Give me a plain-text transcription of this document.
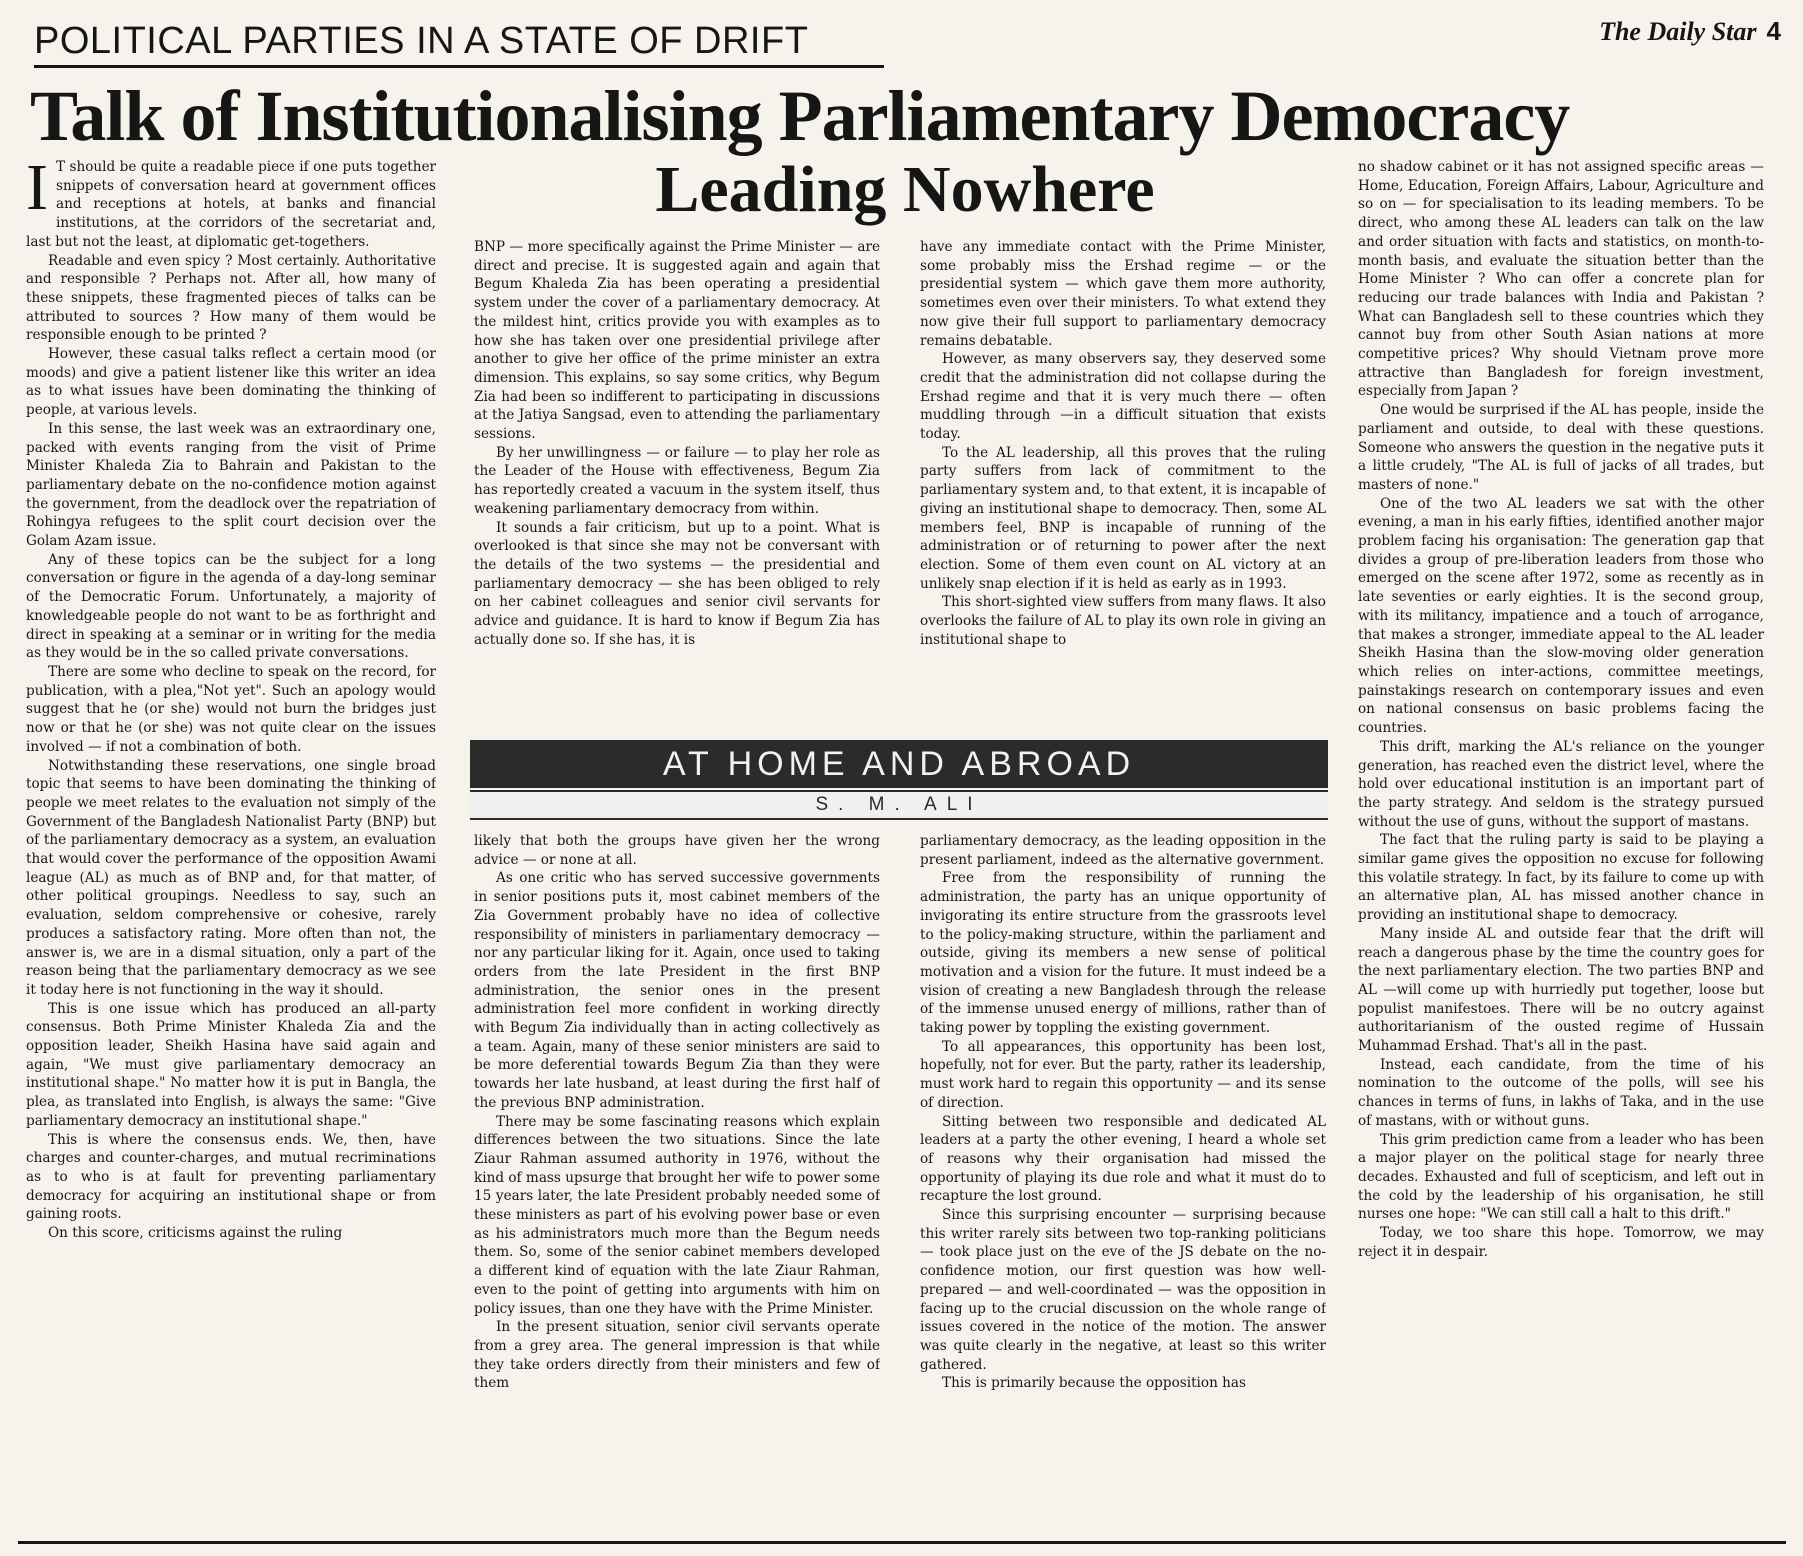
The Daily Star 4
POLITICAL PARTIES IN A STATE OF DRIFT
Talk of Institutionalising Parliamentary Democracy
Leading Nowhere

I T should be quite a readable piece if one puts together snippets of conversation heard at government offices and receptions at hotels, at banks and financial institutions, at the corridors of the secretariat and, last but not the least, at diplomatic get-togethers.

Readable and even spicy ? Most certainly. Authoritative and responsible ? Perhaps not. After all, how many of these snippets, these fragmented pieces of talks can be attributed to sources ? How many of them would be responsible enough to be printed ?

However, these casual talks reflect a certain mood (or moods) and give a patient listener like this writer an idea as to what issues have been dominating the thinking of people, at various levels.

In this sense, the last week was an extraordinary one, packed with events ranging from the visit of Prime Minister Khaleda Zia to Bahrain and Pakistan to the parliamentary debate on the no-confidence motion against the government, from the deadlock over the repatriation of Rohingya refugees to the split court decision over the Golam Azam issue.

Any of these topics can be the subject for a long conversation or figure in the agenda of a day-long seminar of the Democratic Forum. Unfortunately, a majority of knowledgeable people do not want to be as forthright and direct in speaking at a seminar or in writing for the media as they would be in the so called private conversations.

There are some who decline to speak on the record, for publication, with a plea,"Not yet". Such an apology would suggest that he (or she) would not burn the bridges just now or that he (or she) was not quite clear on the issues involved — if not a combination of both.

Notwithstanding these reservations, one single broad topic that seems to have been dominating the thinking of people we meet relates to the evaluation not simply of the Government of the Bangladesh Nationalist Party (BNP) but of the parliamentary democracy as a system, an evaluation that would cover the performance of the opposition Awami league (AL) as much as of BNP and, for that matter, of other political groupings. Needless to say, such an evaluation, seldom comprehensive or cohesive, rarely produces a satisfactory rating. More often than not, the answer is, we are in a dismal situation, only a part of the reason being that the parliamentary democracy as we see it today here is not functioning in the way it should.

This is one issue which has produced an all-party consensus. Both Prime Minister Khaleda Zia and the opposition leader, Sheikh Hasina have said again and again, "We must give parliamentary democracy an institutional shape." No matter how it is put in Bangla, the plea, as translated into English, is always the same: "Give parliamentary democracy an institutional shape."

This is where the consensus ends. We, then, have charges and counter-charges, and mutual recriminations as to who is at fault for preventing parliamentary democracy for acquiring an institutional shape or from gaining roots.

On this score, criticisms against the ruling

BNP — more specifically against the Prime Minister — are direct and precise. It is suggested again and again that Begum Khaleda Zia has been operating a presidential system under the cover of a parliamentary democracy. At the mildest hint, critics provide you with examples as to how she has taken over one presidential privilege after another to give her office of the prime minister an extra dimension. This explains, so say some critics, why Begum Zia had been so indifferent to participating in discussions at the Jatiya Sangsad, even to attending the parliamentary sessions.

By her unwillingness — or failure — to play her role as the Leader of the House with effectiveness, Begum Zia has reportedly created a vacuum in the system itself, thus weakening parliamentary democracy from within.

It sounds a fair criticism, but up to a point. What is overlooked is that since she may not be conversant with the details of the two systems — the presidential and parliamentary democracy — she has been obliged to rely on her cabinet colleagues and senior civil servants for advice and guidance. It is hard to know if Begum Zia has actually done so. If she has, it is

likely that both the groups have given her the wrong advice — or none at all.

As one critic who has served successive governments in senior positions puts it, most cabinet members of the Zia Government probably have no idea of collective responsibility of ministers in parliamentary democracy — nor any particular liking for it. Again, once used to taking orders from the late President in the first BNP administration, the senior ones in the present administration feel more confident in working directly with Begum Zia individually than in acting collectively as a team. Again, many of these senior ministers are said to be more deferential towards Begum Zia than they were towards her late husband, at least during the first half of the previous BNP administration.

There may be some fascinating reasons which explain differences between the two situations. Since the late Ziaur Rahman assumed authority in 1976, without the kind of mass upsurge that brought her wife to power some 15 years later, the late President probably needed some of these ministers as part of his evolving power base or even as his administrators much more than the Begum needs them. So, some of the senior cabinet members developed a different kind of equation with the late Ziaur Rahman, even to the point of getting into arguments with him on policy issues, than one they have with the Prime Minister.

In the present situation, senior civil servants operate from a grey area. The general impression is that while they take orders directly from their ministers and few of them

have any immediate contact with the Prime Minister, some probably miss the Ershad regime — or the presidential system — which gave them more authority, sometimes even over their ministers. To what extend they now give their full support to parliamentary democracy remains debatable.

However, as many observers say, they deserved some credit that the administration did not collapse during the Ershad regime and that it is very much there — often muddling through —in a difficult situation that exists today.

To the AL leadership, all this proves that the ruling party suffers from lack of commitment to the parliamentary system and, to that extent, it is incapable of giving an institutional shape to democracy. Then, some AL members feel, BNP is incapable of running of the administration or of returning to power after the next election. Some of them even count on AL victory at an unlikely snap election if it is held as early as in 1993.

This short-sighted view suffers from many flaws. It also overlooks the failure of AL to play its own role in giving an institutional shape to

parliamentary democracy, as the leading opposition in the present parliament, indeed as the alternative government.

Free from the responsibility of running the administration, the party has an unique opportunity of invigorating its entire structure from the grassroots level to the policy-making structure, within the parliament and outside, giving its members a new sense of political motivation and a vision for the future. It must indeed be a vision of creating a new Bangladesh through the release of the immense unused energy of millions, rather than of taking power by toppling the existing government.

To all appearances, this opportunity has been lost, hopefully, not for ever. But the party, rather its leadership, must work hard to regain this opportunity — and its sense of direction.

Sitting between two responsible and dedicated AL leaders at a party the other evening, I heard a whole set of reasons why their organisation had missed the opportunity of playing its due role and what it must do to recapture the lost ground.

Since this surprising encounter — surprising because this writer rarely sits between two top-ranking politicians — took place just on the eve of the JS debate on the no-confidence motion, our first question was how well-prepared — and well-coordinated — was the opposition in facing up to the crucial discussion on the whole range of issues covered in the notice of the motion. The answer was quite clearly in the negative, at least so this writer gathered.

This is primarily because the opposition has

no shadow cabinet or it has not assigned specific areas —Home, Education, Foreign Affairs, Labour, Agriculture and so on — for specialisation to its leading members. To be direct, who among these AL leaders can talk on the law and order situation with facts and statistics, on month-to-month basis, and evaluate the situation better than the Home Minister ? Who can offer a concrete plan for reducing our trade balances with India and Pakistan ? What can Bangladesh sell to these countries which they cannot buy from other South Asian nations at more competitive prices? Why should Vietnam prove more attractive than Bangladesh for foreign investment, especially from Japan ?

One would be surprised if the AL has people, inside the parliament and outside, to deal with these questions. Someone who answers the question in the negative puts it a little crudely, "The AL is full of jacks of all trades, but masters of none."

One of the two AL leaders we sat with the other evening, a man in his early fifties, identified another major problem facing his organisation: The generation gap that divides a group of pre-liberation leaders from those who emerged on the scene after 1972, some as recently as in late seventies or early eighties. It is the second group, with its militancy, impatience and a touch of arrogance, that makes a stronger, immediate appeal to the AL leader Sheikh Hasina than the slow-moving older generation which relies on inter-actions, committee meetings, painstakings research on contemporary issues and even on national consensus on basic problems facing the countries.

This drift, marking the AL's reliance on the younger generation, has reached even the district level, where the hold over educational institution is an important part of the party strategy. And seldom is the strategy pursued without the use of guns, without the support of mastans.

The fact that the ruling party is said to be playing a similar game gives the opposition no excuse for following this volatile strategy. In fact, by its failure to come up with an alternative plan, AL has missed another chance in providing an institutional shape to democracy.

Many inside AL and outside fear that the drift will reach a dangerous phase by the time the country goes for the next parliamentary election. The two parties BNP and AL —will come up with hurriedly put together, loose but populist manifestoes. There will be no outcry against authoritarianism of the ousted regime of Hussain Muhammad Ershad. That's all in the past.

Instead, each candidate, from the time of his nomination to the outcome of the polls, will see his chances in terms of funs, in lakhs of Taka, and in the use of mastans, with or without guns.

This grim prediction came from a leader who has been a major player on the political stage for nearly three decades. Exhausted and full of scepticism, and left out in the cold by the leadership of his organisation, he still nurses one hope: "We can still call a halt to this drift."

Today, we too share this hope. Tomorrow, we may reject it in despair.

AT HOME AND ABROAD
S. M. ALI
